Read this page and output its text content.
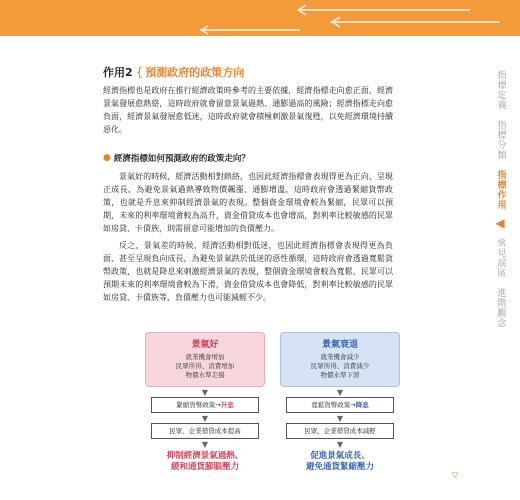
指標定義
指標分類
指標作用
◀
常見誤區
進階觀念
作用2 { 預測政府的政策方向

經濟指標也是政府在推行經濟政策時參考的主要依據，經濟指標走向愈正面，經濟景氣發展愈熱絡，這時政府就會留意景氣過熱、通膨過高的風險；經濟指標走向愈負面，經濟景氣發展愈低迷，這時政府就會積極刺激景氣復甦，以免經濟環境持續惡化。

● 經濟指標如何預測政府的政策走向？

景氣好的時候，經濟活動相對熱絡，也因此經濟指標會表現得更為正向、呈現正成長，為避免景氣過熱導致物價飆漲、通膨增溫，這時政府會透過緊縮貨幣政策，也就是升息來抑制經濟景氣的表現。整個資金環境會較為緊縮，民眾可以預期，未來的利率環境會較為高升，資金借貸成本也會增高，對利率比較敏感的民眾如房貸、卡債族，則需留意可能增加的負債壓力。

反之，景氣差的時候，經濟活動相對低迷，也因此經濟指標會表現得更為負面、甚至呈現負向成長，為避免景氣跌於低迷的惡性循環，這時政府會透過寬鬆貨幣政策，也就是降息來刺激經濟景氣的表現，整個資金環境會較為寬鬆，民眾可以預期未來的利率環境會較為下滑，資金借貸成本也會降低，對利率比較敏感的民眾如房貸、卡債族等，負債壓力也可能減輕不少。

景氣好
就業機會增加
民眾所得、消費增加
物價水準走揚
▼
緊縮貨幣政策→升息
▼
民眾、企業借貸成本提高
▼
抑制經濟景氣過熱、
緩和通貨膨脹壓力
景氣衰退
就業機會減少
民眾所得、消費減少
物價水準下滑
▼
寬鬆貨幣政策→降息
▼
民眾、企業借貸成本減輕
▼
促進景氣成長、
避免通貨緊縮壓力
▽
